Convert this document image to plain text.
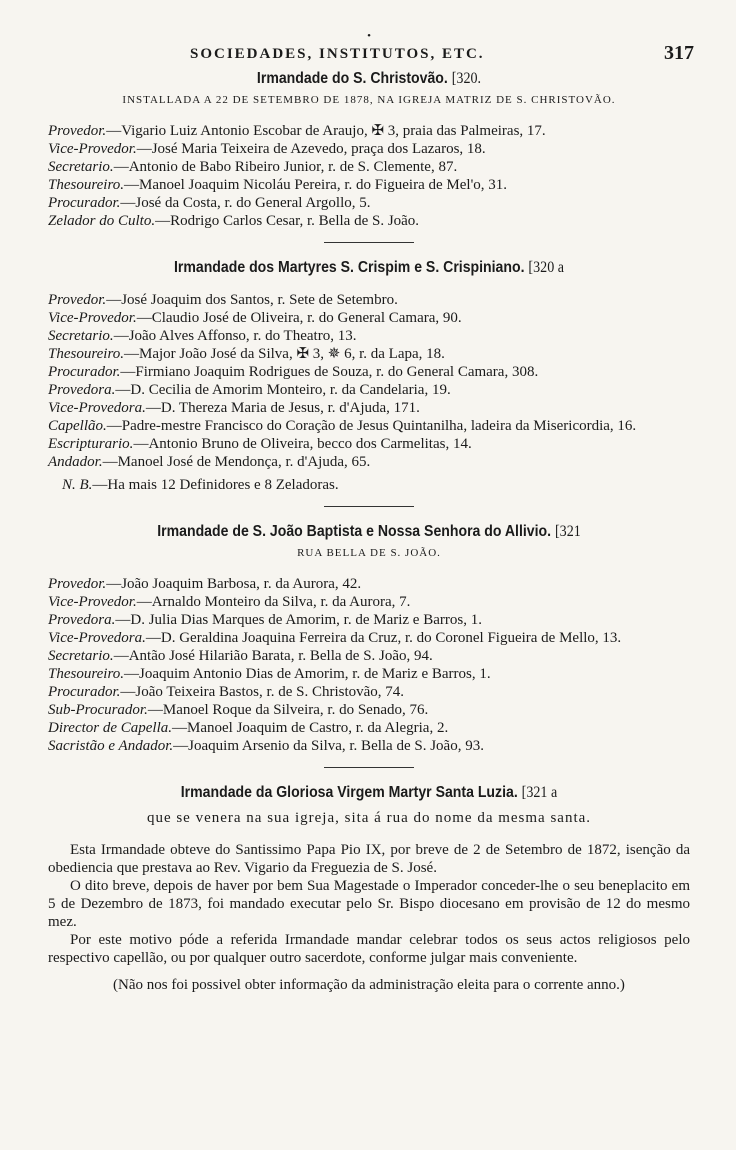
•
SOCIEDADES, INSTITUTOS, ETC.	317
Irmandade do S. Christovão. [320.
INSTALLADA A 22 DE SETEMBRO DE 1878, NA IGREJA MATRIZ DE S. CHRISTOVÃO.
Provedor.—Vigario Luiz Antonio Escobar de Araujo, ✠ 3, praia das Palmeiras, 17.
Vice-Provedor.—José Maria Teixeira de Azevedo, praça dos Lazaros, 18.
Secretario.—Antonio de Babo Ribeiro Junior, r. de S. Clemente, 87.
Thesoureiro.—Manoel Joaquim Nicoláu Pereira, r. do Figueira de Mel'o, 31.
Procurador.—José da Costa, r. do General Argollo, 5.
Zelador do Culto.—Rodrigo Carlos Cesar, r. Bella de S. João.
Irmandade dos Martyres S. Crispim e S. Crispiniano. [320 a
Provedor.—José Joaquim dos Santos, r. Sete de Setembro.
Vice-Provedor.—Claudio José de Oliveira, r. do General Camara, 90.
Secretario.—João Alves Affonso, r. do Theatro, 13.
Thesoureiro.—Major João José da Silva, ✠ 3, ✵ 6, r. da Lapa, 18.
Procurador.—Firmiano Joaquim Rodrigues de Souza, r. do General Camara, 308.
Provedora.—D. Cecilia de Amorim Monteiro, r. da Candelaria, 19.
Vice-Provedora.—D. Thereza Maria de Jesus, r. d'Ajuda, 171.
Capellão.—Padre-mestre Francisco do Coração de Jesus Quintanilha, ladeira da Misericordia, 16.
Escripturario.—Antonio Bruno de Oliveira, becco dos Carmelitas, 14.
Andador.—Manoel José de Mendonça, r. d'Ajuda, 65.
N. B.—Ha mais 12 Definidores e 8 Zeladoras.
Irmandade de S. João Baptista e Nossa Senhora do Allivio. [321
RUA BELLA DE S. JOÃO.
Provedor.—João Joaquim Barbosa, r. da Aurora, 42.
Vice-Provedor.—Arnaldo Monteiro da Silva, r. da Aurora, 7.
Provedora.—D. Julia Dias Marques de Amorim, r. de Mariz e Barros, 1.
Vice-Provedora.—D. Geraldina Joaquina Ferreira da Cruz, r. do Coronel Figueira de Mello, 13.
Secretario.—Antão José Hilarião Barata, r. Bella de S. João, 94.
Thesoureiro.—Joaquim Antonio Dias de Amorim, r. de Mariz e Barros, 1.
Procurador.—João Teixeira Bastos, r. de S. Christovão, 74.
Sub-Procurador.—Manoel Roque da Silveira, r. do Senado, 76.
Director de Capella.—Manoel Joaquim de Castro, r. da Alegria, 2.
Sacristão e Andador.—Joaquim Arsenio da Silva, r. Bella de S. João, 93.
Irmandade da Gloriosa Virgem Martyr Santa Luzia. [321 a
que se venera na sua igreja, sita á rua do nome da mesma santa.
Esta Irmandade obteve do Santissimo Papa Pio IX, por breve de 2 de Setembro de 1872, isenção da obediencia que prestava ao Rev. Vigario da Freguezia de S. José.
O dito breve, depois de haver por bem Sua Magestade o Imperador conceder-lhe o seu beneplacito em 5 de Dezembro de 1873, foi mandado executar pelo Sr. Bispo diocesano em provisão de 12 do mesmo mez.
Por este motivo póde a referida Irmandade mandar celebrar todos os seus actos religiosos pelo respectivo capellão, ou por qualquer outro sacerdote, conforme julgar mais conveniente.
(Não nos foi possivel obter informação da administração eleita para o corrente anno.)
